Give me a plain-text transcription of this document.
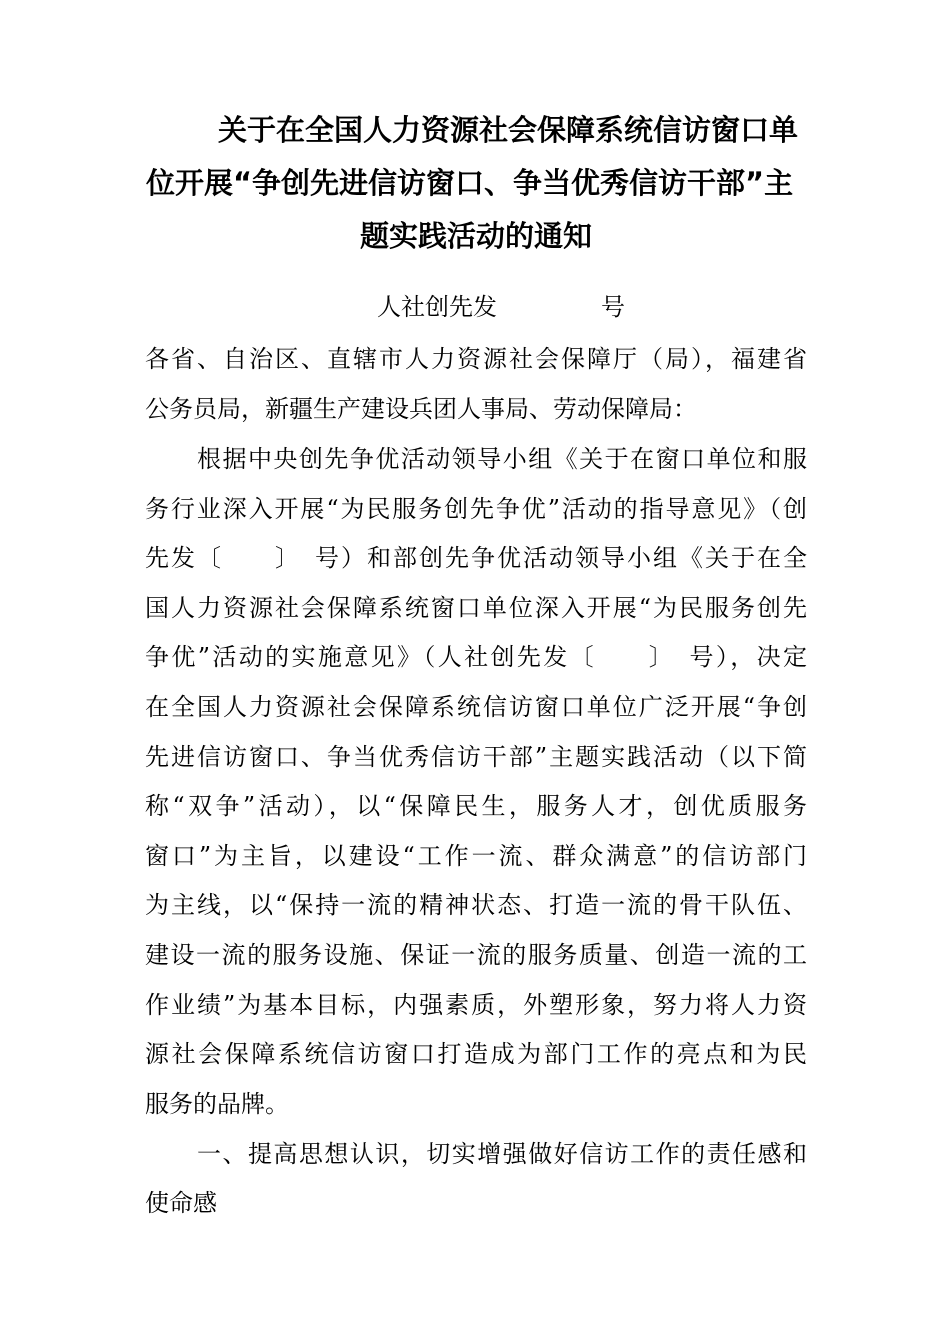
关于在全国人力资源社会保障系统信访窗口单
位开展“争创先进信访窗口、争当优秀信访干部”主
题实践活动的通知
人社创先发	号
各省、自治区、直辖市人力资源社会保障厅（局），福建省
公务员局，新疆生产建设兵团人事局、劳动保障局：
根据中央创先争优活动领导小组《关于在窗口单位和服
务行业深入开展“为民服务创先争优”活动的指导意见》（创
先发〔　　〕　号）和部创先争优活动领导小组《关于在全
国人力资源社会保障系统窗口单位深入开展“为民服务创先
争优”活动的实施意见》（人社创先发〔　　〕　号），决定
在全国人力资源社会保障系统信访窗口单位广泛开展“争创
先进信访窗口、争当优秀信访干部”主题实践活动（以下简
称“双争”活动），以“保障民生，服务人才，创优质服务
窗口”为主旨，以建设“工作一流、群众满意”的信访部门
为主线，以“保持一流的精神状态、打造一流的骨干队伍、
建设一流的服务设施、保证一流的服务质量、创造一流的工
作业绩”为基本目标，内强素质，外塑形象，努力将人力资
源社会保障系统信访窗口打造成为部门工作的亮点和为民
服务的品牌。
一、提高思想认识，切实增强做好信访工作的责任感和
使命感
